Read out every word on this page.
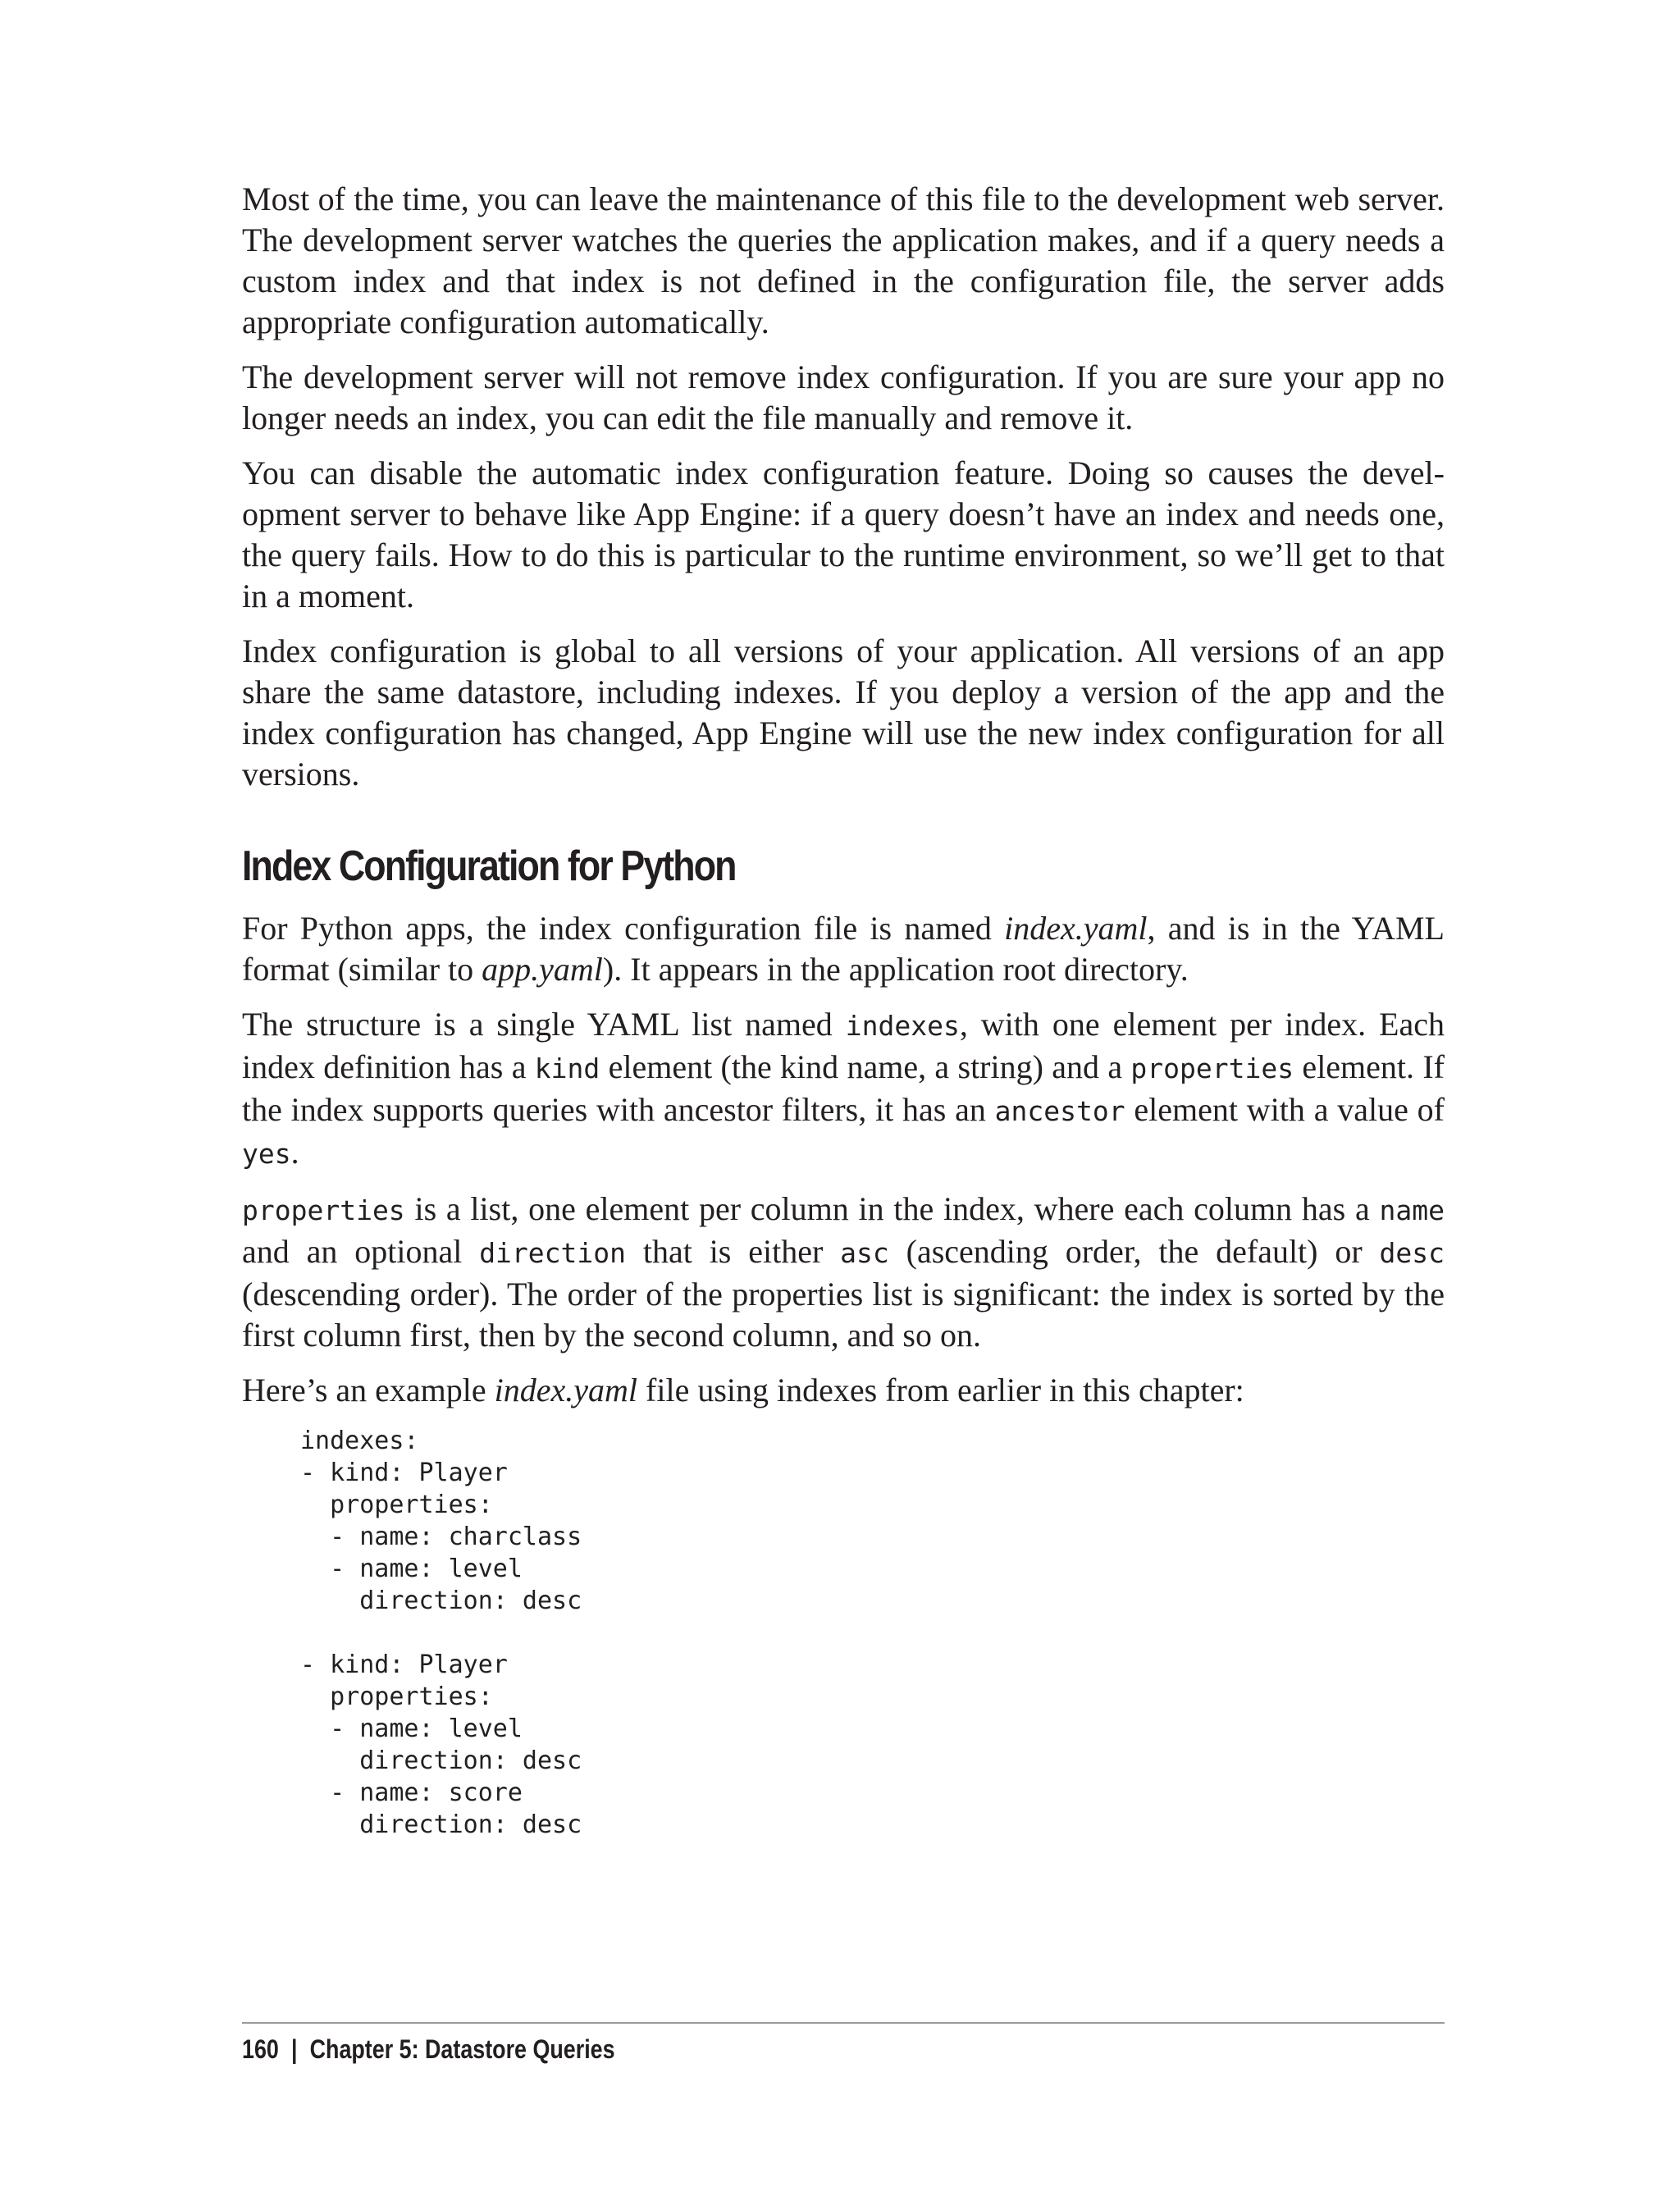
Most of the time, you can leave the maintenance of this file to the development web server. The development server watches the queries the application makes, and if a query needs a custom index and that index is not defined in the configuration file, the server adds appropriate configuration automatically.

The development server will not remove index configuration. If you are sure your app no longer needs an index, you can edit the file manually and remove it.

You can disable the automatic index configuration feature. Doing so causes the development server to behave like App Engine: if a query doesn’t have an index and needs one, the query fails. How to do this is particular to the runtime environment, so we’ll get to that in a moment.

Index configuration is global to all versions of your application. All versions of an app share the same datastore, including indexes. If you deploy a version of the app and the index configuration has changed, App Engine will use the new index configuration for all versions.

Index Configuration for Python

For Python apps, the index configuration file is named index.yaml, and is in the YAML format (similar to app.yaml). It appears in the application root directory.

The structure is a single YAML list named indexes, with one element per index. Each index definition has a kind element (the kind name, a string) and a properties element. If the index supports queries with ancestor filters, it has an ancestor element with a value of yes.

properties is a list, one element per column in the index, where each column has a name and an optional direction that is either asc (ascending order, the default) or desc (descending order). The order of the properties list is significant: the index is sorted by the first column first, then by the second column, and so on.

Here’s an example index.yaml file using indexes from earlier in this chapter:

indexes:
- kind: Player
properties:
- name: charclass
- name: level
direction: desc

- kind: Player
properties:
- name: level
direction: desc
- name: score
direction: desc
160 | Chapter 5: Datastore Queries
